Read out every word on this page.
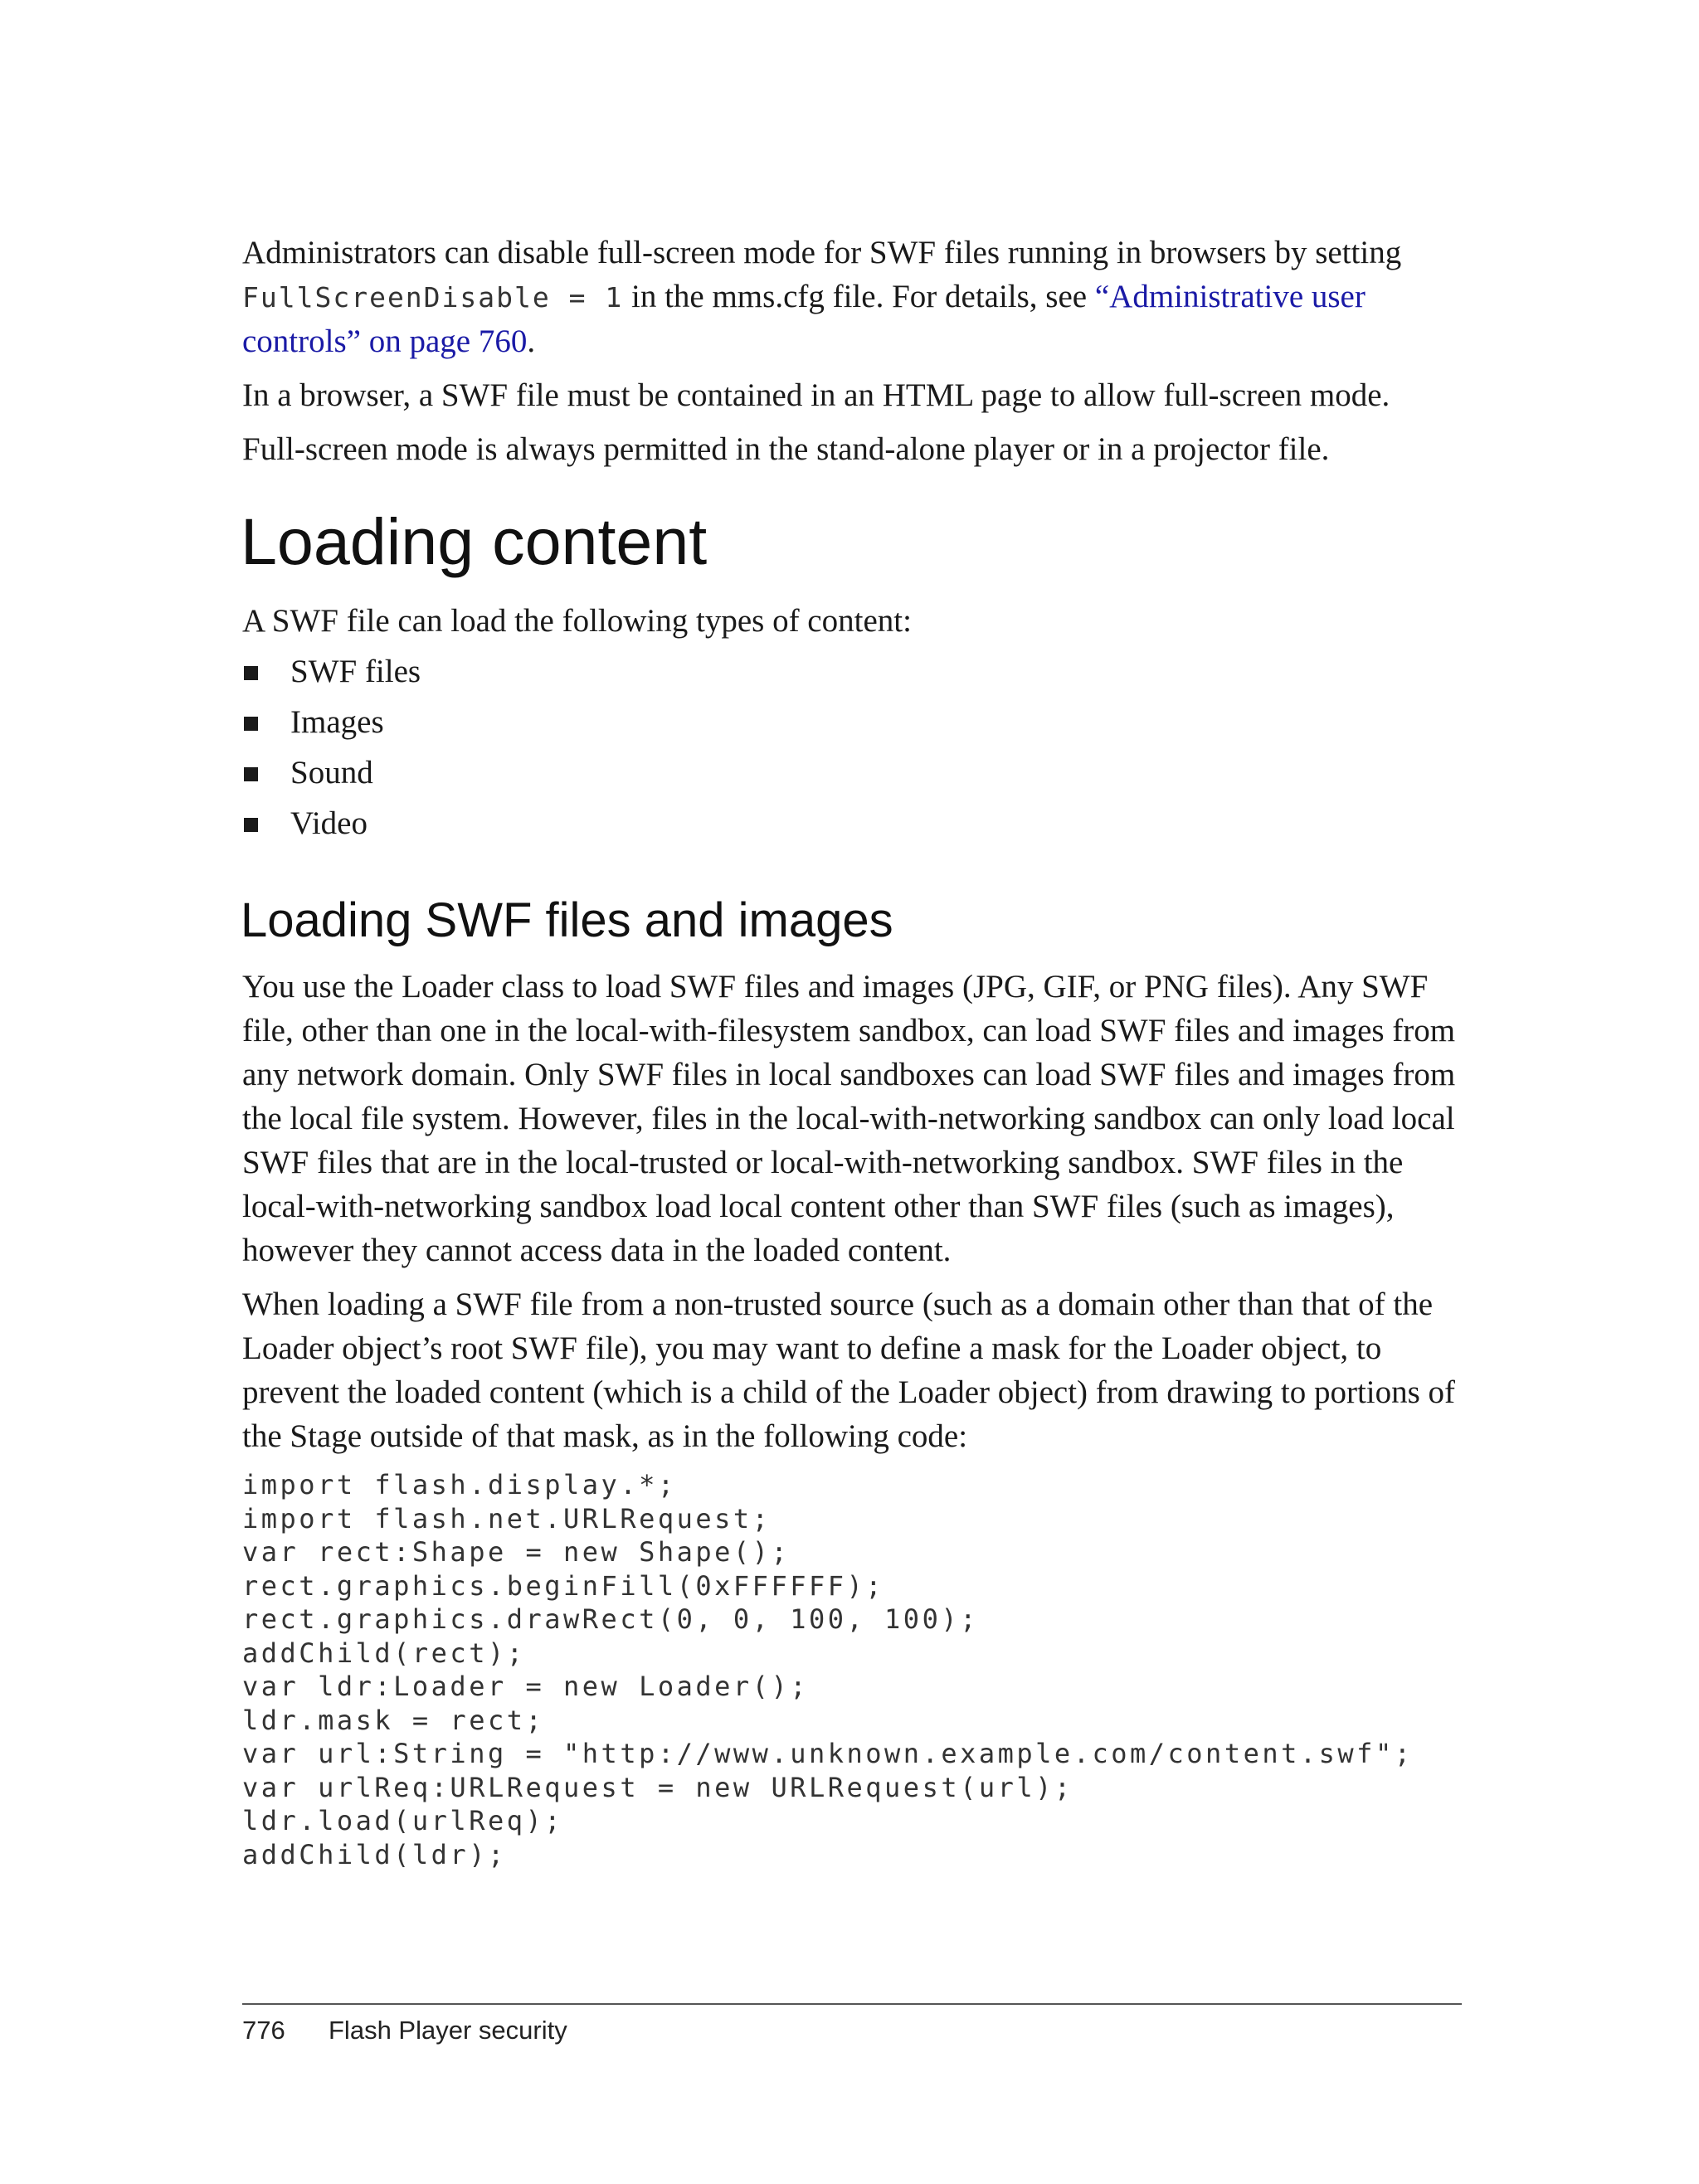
Administrators can disable full-screen mode for SWF files running in browsers by setting FullScreenDisable = 1 in the mms.cfg file. For details, see “Administrative user controls” on page 760.

In a browser, a SWF file must be contained in an HTML page to allow full-screen mode.

Full-screen mode is always permitted in the stand-alone player or in a projector file.

Loading content

A SWF file can load the following types of content:

SWF files
Images
Sound
Video
Loading SWF files and images

You use the Loader class to load SWF files and images (JPG, GIF, or PNG files). Any SWF file, other than one in the local-with-filesystem sandbox, can load SWF files and images from any network domain. Only SWF files in local sandboxes can load SWF files and images from the local file system. However, files in the local-with-networking sandbox can only load local SWF files that are in the local-trusted or local-with-networking sandbox. SWF files in the local-with-networking sandbox load local content other than SWF files (such as images), however they cannot access data in the loaded content.

When loading a SWF file from a non-trusted source (such as a domain other than that of the Loader object’s root SWF file), you may want to define a mask for the Loader object, to prevent the loaded content (which is a child of the Loader object) from drawing to portions of the Stage outside of that mask, as in the following code:

import flash.display.*;
import flash.net.URLRequest;
var rect:Shape = new Shape();
rect.graphics.beginFill(0xFFFFFF);
rect.graphics.drawRect(0, 0, 100, 100);
addChild(rect);
var ldr:Loader = new Loader();
ldr.mask = rect;
var url:String = "http://www.unknown.example.com/content.swf";
var urlReq:URLRequest = new URLRequest(url);
ldr.load(urlReq);
addChild(ldr);
776 Flash Player security
